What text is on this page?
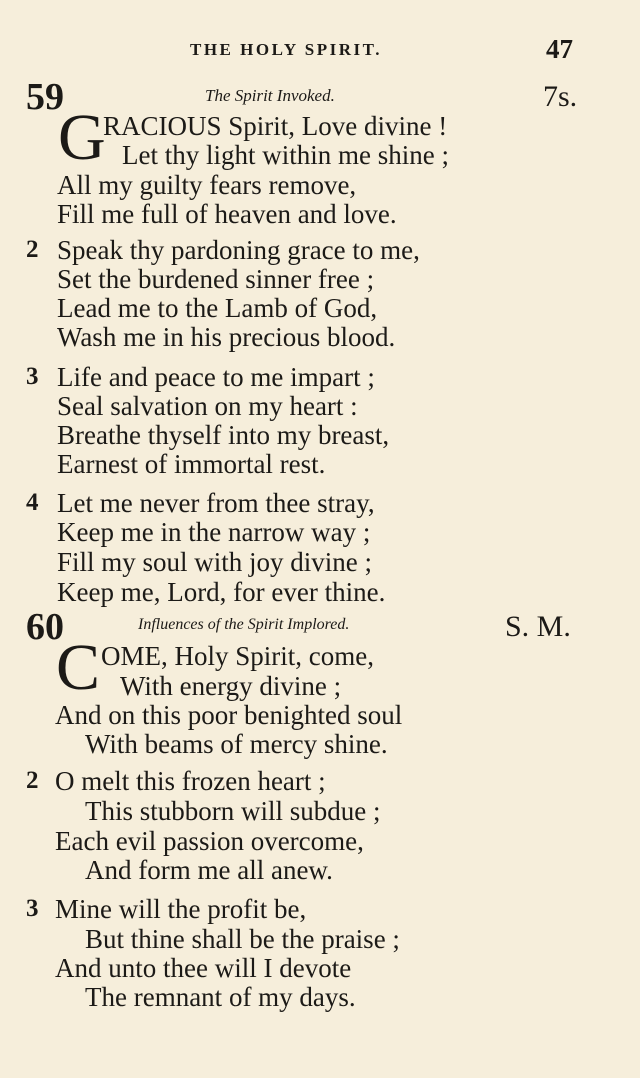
THE HOLY SPIRIT.	47
59	The Spirit Invoked.	7s.
G
RACIOUS Spirit, Love divine !
Let thy light within me shine ;
All my guilty fears remove,
Fill me full of heaven and love.
2 Speak thy pardoning grace to me,
Set the burdened sinner free ;
Lead me to the Lamb of God,
Wash me in his precious blood.
3 Life and peace to me impart ;
Seal salvation on my heart :
Breathe thyself into my breast,
Earnest of immortal rest.
4 Let me never from thee stray,
Keep me in the narrow way ;
Fill my soul with joy divine ;
Keep me, Lord, for ever thine.
60	Influences of the Spirit Implored.	S. M.
C OME, Holy Spirit, come,
With energy divine ;
And on this poor benighted soul
With beams of mercy shine.
2 O melt this frozen heart ;
This stubborn will subdue ;
Each evil passion overcome,
And form me all anew.
3 Mine will the profit be,
But thine shall be the praise ;
And unto thee will I devote
The remnant of my days.
